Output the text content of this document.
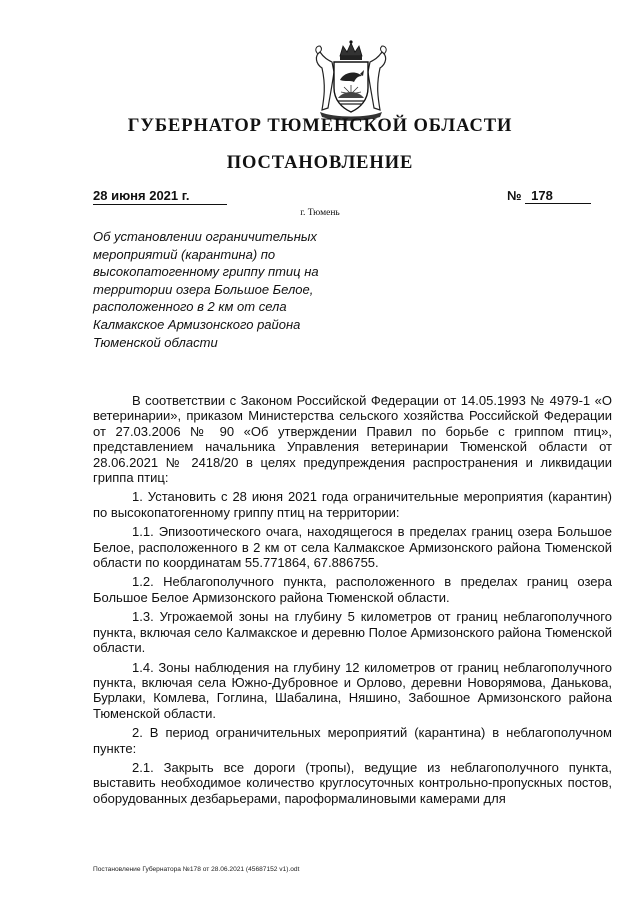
ГУБЕРНАТОР ТЮМЕНСКОЙ ОБЛАСТИ
ПОСТАНОВЛЕНИЕ
28 июня 2021 г.	№ 178
г. Тюмень

Об установлении ограничительных мероприятий (карантина) по высокопатогенному гриппу птиц на территории озера Большое Белое, расположенного в 2 км от села Калмакское Армизонского района Тюменской области

В соответствии с Законом Российской Федерации от 14.05.1993 № 4979-1 «О ветеринарии», приказом Министерства сельского хозяйства Российской Федерации от 27.03.2006 № 90 «Об утверждении Правил по борьбе с гриппом птиц», представлением начальника Управления ветеринарии Тюменской области от 28.06.2021 № 2418/20 в целях предупреждения распространения и ликвидации гриппа птиц:

1. Установить с 28 июня 2021 года ограничительные мероприятия (карантин) по высокопатогенному гриппу птиц на территории:

1.1. Эпизоотического очага, находящегося в пределах границ озера Большое Белое, расположенного в 2 км от села Калмакское Армизонского района Тюменской области по координатам 55.771864, 67.886755.

1.2. Неблагополучного пункта, расположенного в пределах границ озера Большое Белое Армизонского района Тюменской области.

1.3. Угрожаемой зоны на глубину 5 километров от границ неблагополучного пункта, включая село Калмакское и деревню Полое Армизонского района Тюменской области.

1.4. Зоны наблюдения на глубину 12 километров от границ неблагополучного пункта, включая села Южно-Дубровное и Орлово, деревни Новорямова, Данькова, Бурлаки, Комлева, Гоглина, Шабалина, Няшино, Забошное Армизонского района Тюменской области.

2. В период ограничительных мероприятий (карантина) в неблагополучном пункте:

2.1. Закрыть все дороги (тропы), ведущие из неблагополучного пункта, выставить необходимое количество круглосуточных контрольно-пропускных постов, оборудованных дезбарьерами, пароформалиновыми камерами для

Постановление Губернатора №178 от 28.06.2021 (45687152 v1).odt
